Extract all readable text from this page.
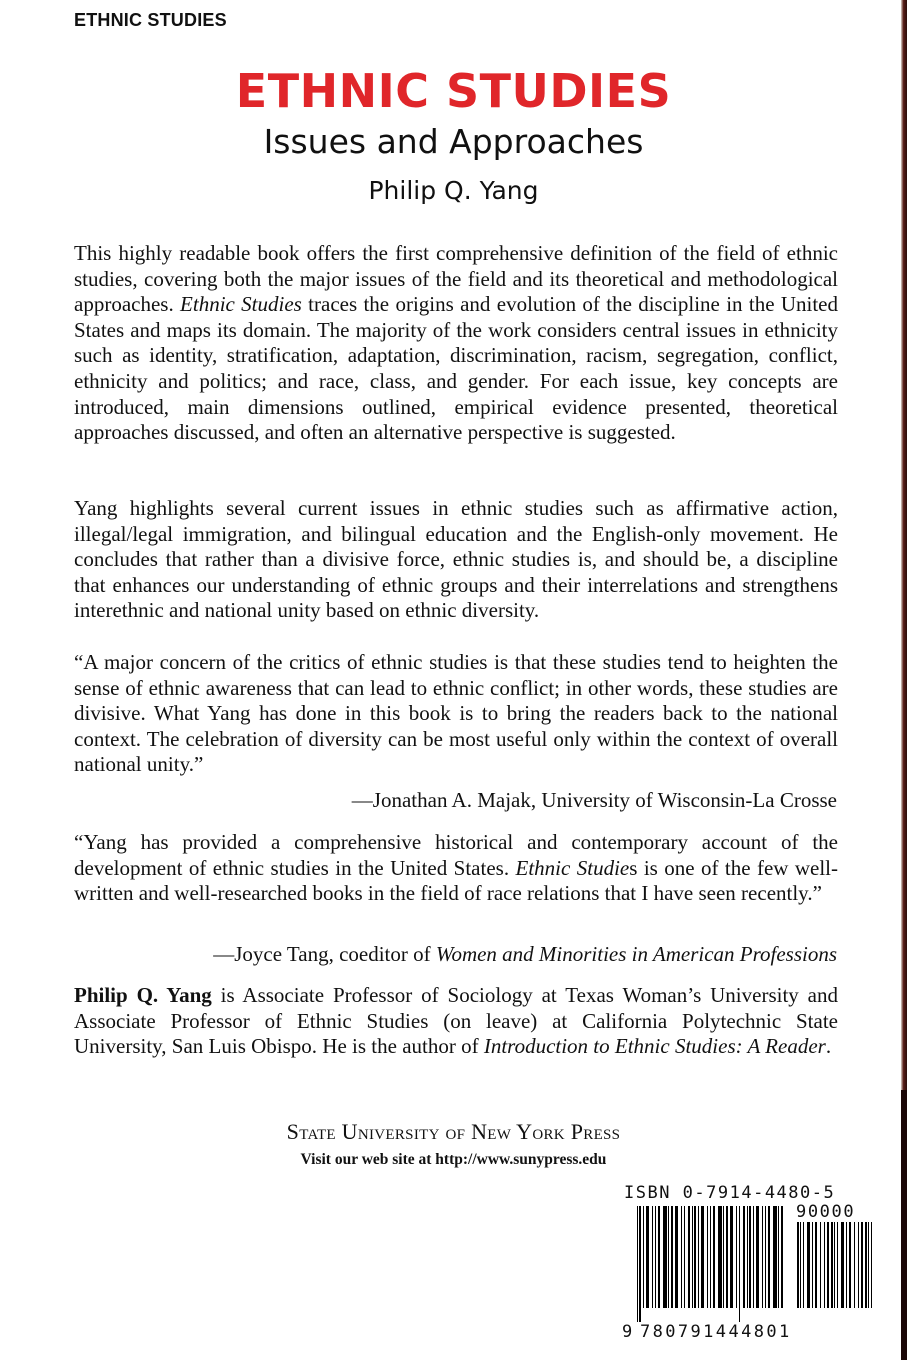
ETHNIC STUDIES
ETHNIC STUDIES
Issues and Approaches
Philip Q. Yang

This highly readable book offers the first comprehensive definition of the field of ethnic studies, covering both the major issues of the field and its theoretical and methodological approaches. Ethnic Studies traces the origins and evolution of the discipline in the United States and maps its domain. The majority of the work considers central issues in ethnicity such as identity, stratification, adaptation, discrimination, racism, segregation, conflict, ethnicity and politics; and race, class, and gender. For each issue, key concepts are introduced, main dimensions outlined, empirical evidence presented, theoretical approaches discussed, and often an alternative perspective is suggested.

Yang highlights several current issues in ethnic studies such as affirmative action, illegal/legal immigration, and bilingual education and the English-only movement. He concludes that rather than a divisive force, ethnic studies is, and should be, a discipline that enhances our understanding of ethnic groups and their interrelations and strengthens interethnic and national unity based on ethnic diversity.

“A major concern of the critics of ethnic studies is that these studies tend to heighten the sense of ethnic awareness that can lead to ethnic conflict; in other words, these studies are divisive. What Yang has done in this book is to bring the readers back to the national context. The celebration of diversity can be most useful only within the context of overall national unity.”

—Jonathan A. Majak, University of Wisconsin-La Crosse

“Yang has provided a comprehensive historical and contemporary account of the development of ethnic studies in the United States. Ethnic Studies is one of the few well-written and well-researched books in the field of race relations that I have seen recently.”

—Joyce Tang, coeditor of Women and Minorities in American Professions

Philip Q. Yang is Associate Professor of Sociology at Texas Woman’s University and Associate Professor of Ethnic Studies (on leave) at California Polytechnic State University, San Luis Obispo. He is the author of Introduction to Ethnic Studies: A Reader.

State University of New York Press
Visit our web site at http://www.sunypress.edu
ISBN 0-7914-4480-5
90000
9 780791444801
